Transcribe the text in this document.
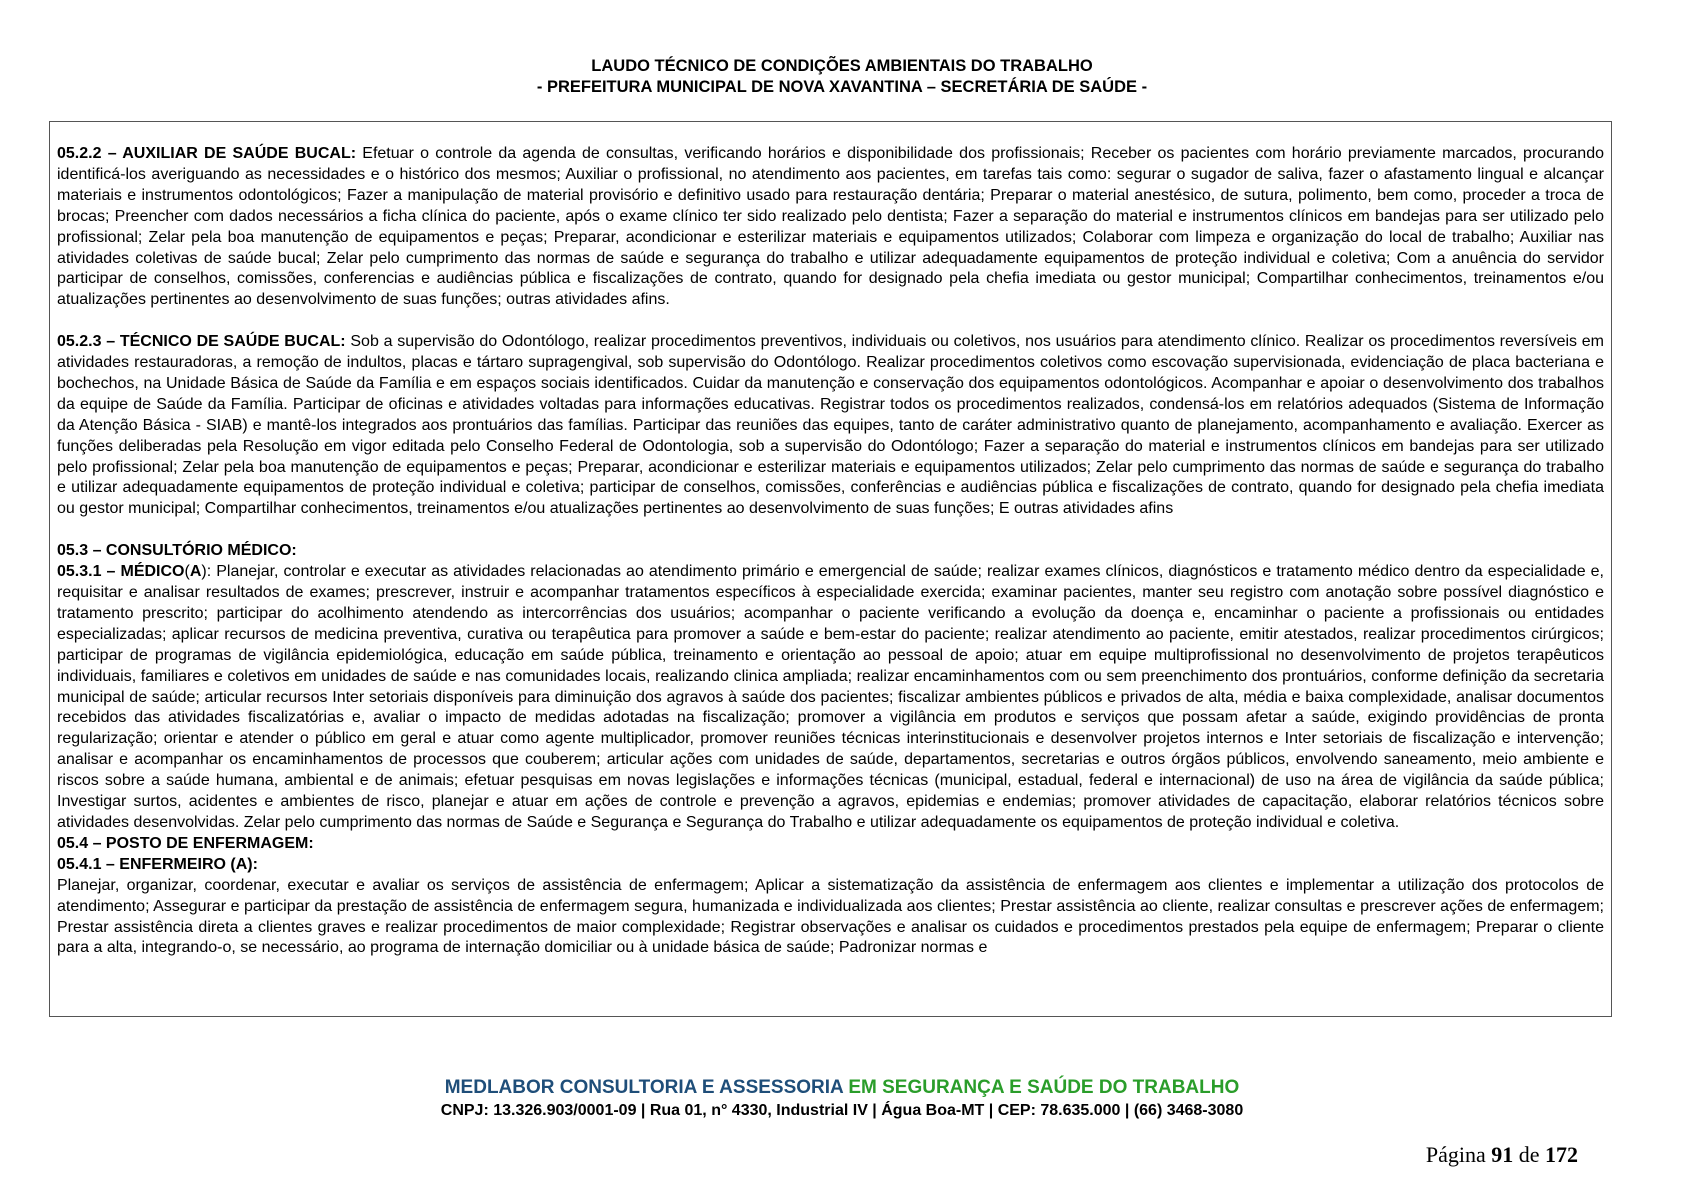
LAUDO TÉCNICO DE CONDIÇÕES AMBIENTAIS DO TRABALHO
- PREFEITURA MUNICIPAL DE NOVA XAVANTINA – SECRETÁRIA DE SAÚDE -

05.2.2 – AUXILIAR DE SAÚDE BUCAL: Efetuar o controle da agenda de consultas, verificando horários e disponibilidade dos profissionais; Receber os pacientes com horário previamente marcados, procurando identificá-los averiguando as necessidades e o histórico dos mesmos; Auxiliar o profissional, no atendimento aos pacientes, em tarefas tais como: segurar o sugador de saliva, fazer o afastamento lingual e alcançar materiais e instrumentos odontológicos; Fazer a manipulação de material provisório e definitivo usado para restauração dentária; Preparar o material anestésico, de sutura, polimento, bem como, proceder a troca de brocas; Preencher com dados necessários a ficha clínica do paciente, após o exame clínico ter sido realizado pelo dentista; Fazer a separação do material e instrumentos clínicos em bandejas para ser utilizado pelo profissional; Zelar pela boa manutenção de equipamentos e peças; Preparar, acondicionar e esterilizar materiais e equipamentos utilizados; Colaborar com limpeza e organização do local de trabalho; Auxiliar nas atividades coletivas de saúde bucal; Zelar pelo cumprimento das normas de saúde e segurança do trabalho e utilizar adequadamente equipamentos de proteção individual e coletiva; Com a anuência do servidor participar de conselhos, comissões, conferencias e audiências pública e fiscalizações de contrato, quando for designado pela chefia imediata ou gestor municipal; Compartilhar conhecimentos, treinamentos e/ou atualizações pertinentes ao desenvolvimento de suas funções; outras atividades afins.

05.2.3 – TÉCNICO DE SAÚDE BUCAL: Sob a supervisão do Odontólogo, realizar procedimentos preventivos, individuais ou coletivos, nos usuários para atendimento clínico. Realizar os procedimentos reversíveis em atividades restauradoras, a remoção de indultos, placas e tártaro supragengival, sob supervisão do Odontólogo. Realizar procedimentos coletivos como escovação supervisionada, evidenciação de placa bacteriana e bochechos, na Unidade Básica de Saúde da Família e em espaços sociais identificados. Cuidar da manutenção e conservação dos equipamentos odontológicos. Acompanhar e apoiar o desenvolvimento dos trabalhos da equipe de Saúde da Família. Participar de oficinas e atividades voltadas para informações educativas. Registrar todos os procedimentos realizados, condensá-los em relatórios adequados (Sistema de Informação da Atenção Básica - SIAB) e mantê-los integrados aos prontuários das famílias. Participar das reuniões das equipes, tanto de caráter administrativo quanto de planejamento, acompanhamento e avaliação. Exercer as funções deliberadas pela Resolução em vigor editada pelo Conselho Federal de Odontologia, sob a supervisão do Odontólogo; Fazer a separação do material e instrumentos clínicos em bandejas para ser utilizado pelo profissional; Zelar pela boa manutenção de equipamentos e peças; Preparar, acondicionar e esterilizar materiais e equipamentos utilizados; Zelar pelo cumprimento das normas de saúde e segurança do trabalho e utilizar adequadamente equipamentos de proteção individual e coletiva; participar de conselhos, comissões, conferências e audiências pública e fiscalizações de contrato, quando for designado pela chefia imediata ou gestor municipal; Compartilhar conhecimentos, treinamentos e/ou atualizações pertinentes ao desenvolvimento de suas funções; E outras atividades afins

05.3 – CONSULTÓRIO MÉDICO:

05.3.1 – MÉDICO(A): Planejar, controlar e executar as atividades relacionadas ao atendimento primário e emergencial de saúde; realizar exames clínicos, diagnósticos e tratamento médico dentro da especialidade e, requisitar e analisar resultados de exames; prescrever, instruir e acompanhar tratamentos específicos à especialidade exercida; examinar pacientes, manter seu registro com anotação sobre possível diagnóstico e tratamento prescrito; participar do acolhimento atendendo as intercorrências dos usuários; acompanhar o paciente verificando a evolução da doença e, encaminhar o paciente a profissionais ou entidades especializadas; aplicar recursos de medicina preventiva, curativa ou terapêutica para promover a saúde e bem-estar do paciente; realizar atendimento ao paciente, emitir atestados, realizar procedimentos cirúrgicos; participar de programas de vigilância epidemiológica, educação em saúde pública, treinamento e orientação ao pessoal de apoio; atuar em equipe multiprofissional no desenvolvimento de projetos terapêuticos individuais, familiares e coletivos em unidades de saúde e nas comunidades locais, realizando clinica ampliada; realizar encaminhamentos com ou sem preenchimento dos prontuários, conforme definição da secretaria municipal de saúde; articular recursos Inter setoriais disponíveis para diminuição dos agravos à saúde dos pacientes; fiscalizar ambientes públicos e privados de alta, média e baixa complexidade, analisar documentos recebidos das atividades fiscalizatórias e, avaliar o impacto de medidas adotadas na fiscalização; promover a vigilância em produtos e serviços que possam afetar a saúde, exigindo providências de pronta regularização; orientar e atender o público em geral e atuar como agente multiplicador, promover reuniões técnicas interinstitucionais e desenvolver projetos internos e Inter setoriais de fiscalização e intervenção; analisar e acompanhar os encaminhamentos de processos que couberem; articular ações com unidades de saúde, departamentos, secretarias e outros órgãos públicos, envolvendo saneamento, meio ambiente e riscos sobre a saúde humana, ambiental e de animais; efetuar pesquisas em novas legislações e informações técnicas (municipal, estadual, federal e internacional) de uso na área de vigilância da saúde pública; Investigar surtos, acidentes e ambientes de risco, planejar e atuar em ações de controle e prevenção a agravos, epidemias e endemias; promover atividades de capacitação, elaborar relatórios técnicos sobre atividades desenvolvidas. Zelar pelo cumprimento das normas de Saúde e Segurança e Segurança do Trabalho e utilizar adequadamente os equipamentos de proteção individual e coletiva.

05.4 – POSTO DE ENFERMAGEM:

05.4.1 – ENFERMEIRO (A):

Planejar, organizar, coordenar, executar e avaliar os serviços de assistência de enfermagem; Aplicar a sistematização da assistência de enfermagem aos clientes e implementar a utilização dos protocolos de atendimento; Assegurar e participar da prestação de assistência de enfermagem segura, humanizada e individualizada aos clientes; Prestar assistência ao cliente, realizar consultas e prescrever ações de enfermagem; Prestar assistência direta a clientes graves e realizar procedimentos de maior complexidade; Registrar observações e analisar os cuidados e procedimentos prestados pela equipe de enfermagem; Preparar o cliente para a alta, integrando-o, se necessário, ao programa de internação domiciliar ou à unidade básica de saúde; Padronizar normas e

MEDLABOR CONSULTORIA E ASSESSORIA EM SEGURANÇA E SAÚDE DO TRABALHO
CNPJ: 13.326.903/0001-09 | Rua 01, n° 4330, Industrial IV | Água Boa-MT | CEP: 78.635.000 | (66) 3468-3080
Página 91 de 172
